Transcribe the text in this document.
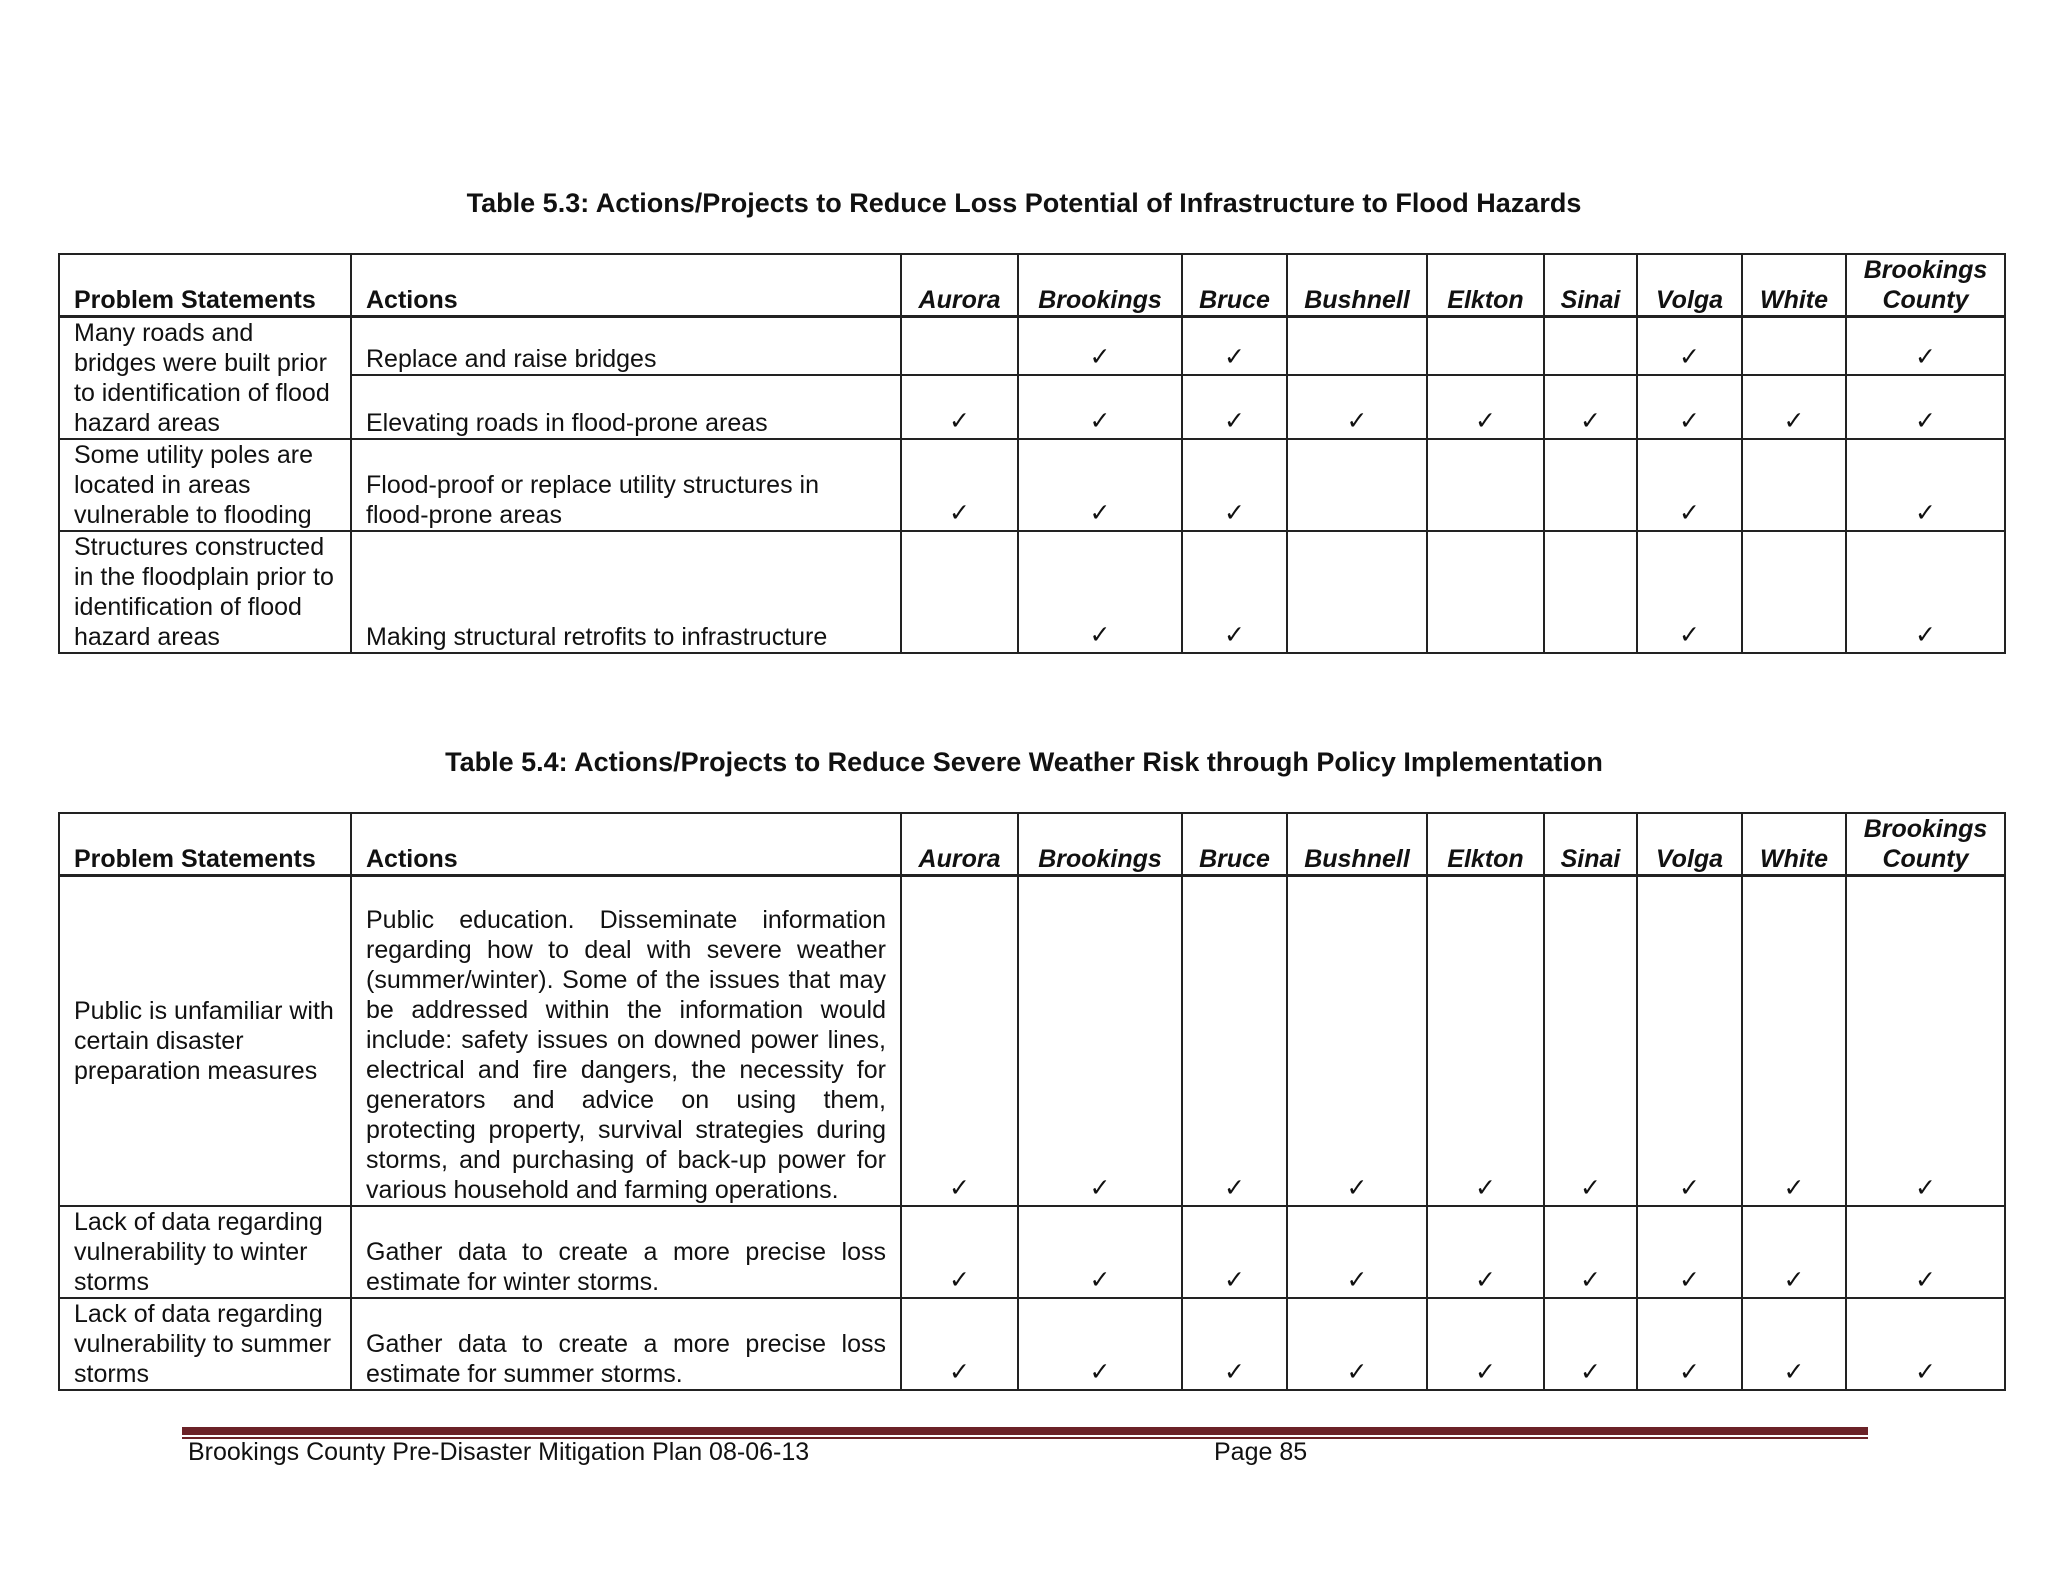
Table 5.3: Actions/Projects to Reduce Loss Potential of Infrastructure to Flood Hazards
Problem Statements	Actions	Aurora	Brookings	Bruce	Bushnell	Elkton	Sinai	Volga	White	Brookings County
Many roads and bridges were built prior to identification of flood hazard areas	Replace and raise bridges		✓	✓				✓		✓
	Elevating roads in flood-prone areas	✓	✓	✓	✓	✓	✓	✓	✓	✓
Some utility poles are located in areas vulnerable to flooding	Flood-proof or replace utility structures in flood-prone areas	✓	✓	✓				✓		✓
Structures constructed in the floodplain prior to identification of flood hazard areas	Making structural retrofits to infrastructure		✓	✓				✓		✓
Table 5.4: Actions/Projects to Reduce Severe Weather Risk through Policy Implementation
Problem Statements	Actions	Aurora	Brookings	Bruce	Bushnell	Elkton	Sinai	Volga	White	Brookings County
Public is unfamiliar with certain disaster preparation measures	Public education. Disseminate information regarding how to deal with severe weather (summer/winter). Some of the issues that may be addressed within the information would include: safety issues on downed power lines, electrical and fire dangers, the necessity for generators and advice on using them, protecting property, survival strategies during storms, and purchasing of back-up power for various household and farming operations.	✓	✓	✓	✓	✓	✓	✓	✓	✓
Lack of data regarding vulnerability to winter storms	Gather data to create a more precise loss estimate for winter storms.	✓	✓	✓	✓	✓	✓	✓	✓	✓
Lack of data regarding vulnerability to summer storms	Gather data to create a more precise loss estimate for summer storms.	✓	✓	✓	✓	✓	✓	✓	✓	✓
Brookings County Pre-Disaster Mitigation Plan 08-06-13	Page 85
